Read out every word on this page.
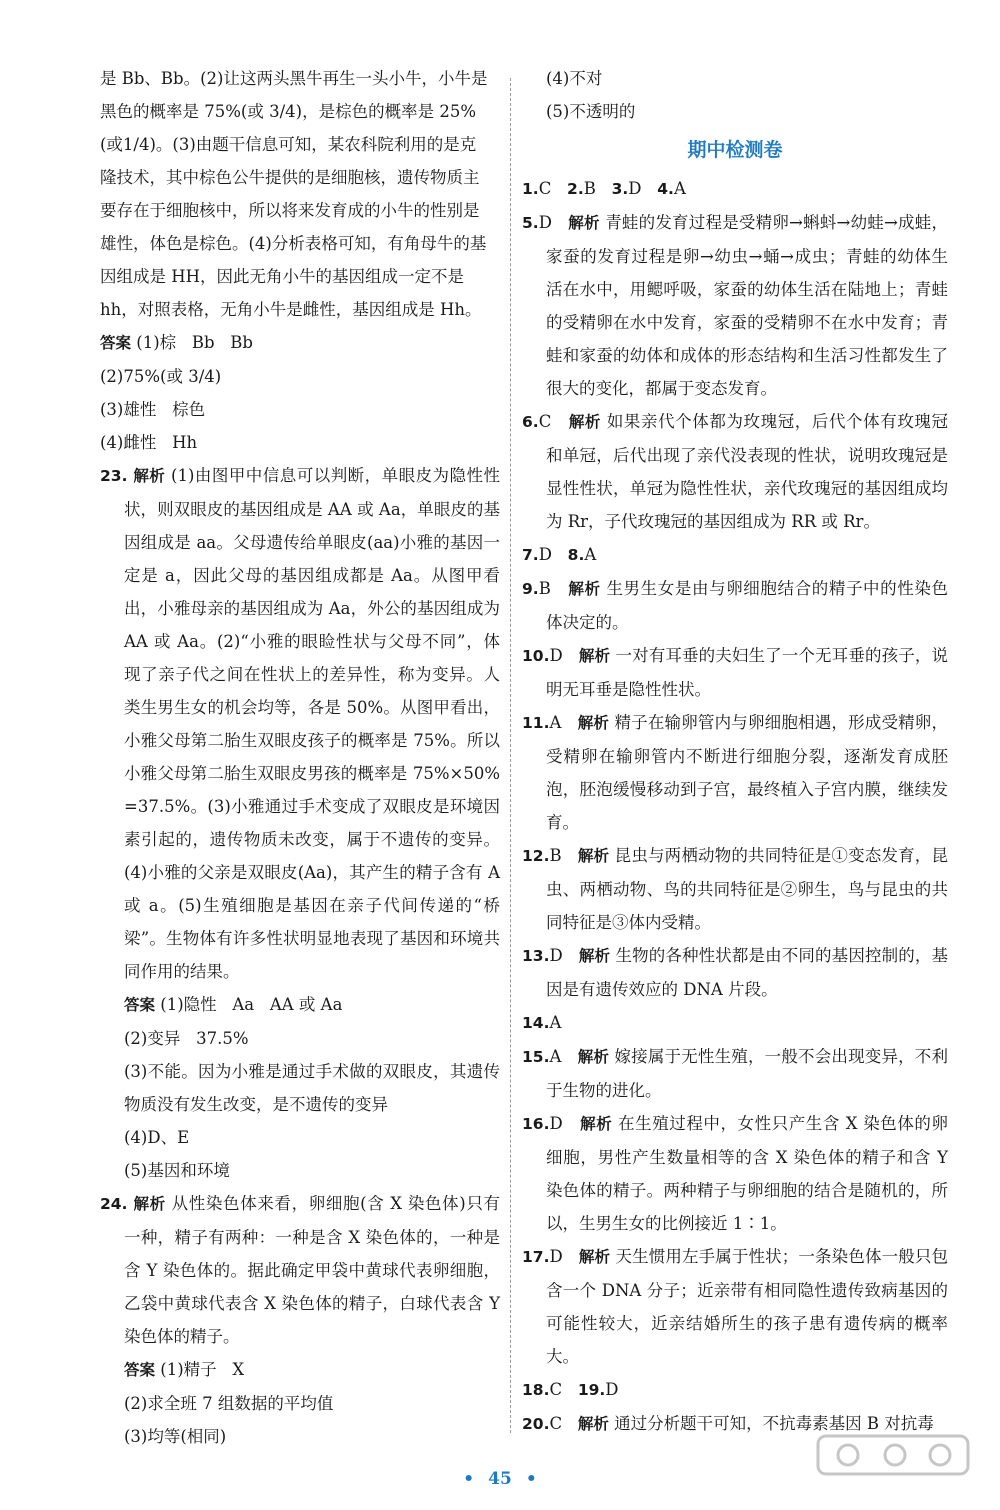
是 Bb、Bb。(2)让这两头黑牛再生一头小牛，小牛是

黑色的概率是 75%(或 3/4)，是棕色的概率是 25%

(或1/4)。(3)由题干信息可知，某农科院利用的是克

隆技术，其中棕色公牛提供的是细胞核，遗传物质主

要存在于细胞核中，所以将来发育成的小牛的性别是

雄性，体色是棕色。(4)分析表格可知，有角母牛的基

因组成是 HH，因此无角小牛的基因组成一定不是

hh，对照表格，无角小牛是雌性，基因组成是 Hh。

答案 (1)棕   Bb   Bb

(2)75%(或 3/4)

(3)雄性   棕色

(4)雌性   Hh

23. 解析 (1)由图甲中信息可以判断，单眼皮为隐性性状，则双眼皮的基因组成是 AA 或 Aa，单眼皮的基因组成是 aa。父母遗传给单眼皮(aa)小雅的基因一定是 a，因此父母的基因组成都是 Aa。从图甲看出，小雅母亲的基因组成为 Aa，外公的基因组成为 AA 或 Aa。(2)“小雅的眼睑性状与父母不同”，体现了亲子代之间在性状上的差异性，称为变异。人类生男生女的机会均等，各是 50%。从图甲看出，小雅父母第二胎生双眼皮孩子的概率是 75%。所以小雅父母第二胎生双眼皮男孩的概率是 75%×50%=37.5%。(3)小雅通过手术变成了双眼皮是环境因素引起的，遗传物质未改变，属于不遗传的变异。(4)小雅的父亲是双眼皮(Aa)，其产生的精子含有 A 或 a。(5)生殖细胞是基因在亲子代间传递的“桥梁”。生物体有许多性状明显地表现了基因和环境共同作用的结果。

答案 (1)隐性   Aa   AA 或 Aa

(2)变异   37.5%

(3)不能。因为小雅是通过手术做的双眼皮，其遗传物质没有发生改变，是不遗传的变异

(4)D、E

(5)基因和环境

24. 解析 从性染色体来看，卵细胞(含 X 染色体)只有一种，精子有两种：一种是含 X 染色体的，一种是含 Y 染色体的。据此确定甲袋中黄球代表卵细胞，乙袋中黄球代表含 X 染色体的精子，白球代表含 Y 染色体的精子。

答案 (1)精子   X

(2)求全班 7 组数据的平均值

(3)均等(相同)

(4)不对

(5)不透明的

期中检测卷

1.C   2.B   3.D   4.A

5.D   解析 青蛙的发育过程是受精卵→蝌蚪→幼蛙→成蛙，家蚕的发育过程是卵→幼虫→蛹→成虫；青蛙的幼体生活在水中，用鳃呼吸，家蚕的幼体生活在陆地上；青蛙的受精卵在水中发育，家蚕的受精卵不在水中发育；青蛙和家蚕的幼体和成体的形态结构和生活习性都发生了很大的变化，都属于变态发育。

6.C   解析 如果亲代个体都为玫瑰冠，后代个体有玫瑰冠和单冠，后代出现了亲代没表现的性状，说明玫瑰冠是显性性状，单冠为隐性性状，亲代玫瑰冠的基因组成均为 Rr，子代玫瑰冠的基因组成为 RR 或 Rr。

7.D   8.A

9.B   解析 生男生女是由与卵细胞结合的精子中的性染色体决定的。

10.D   解析 一对有耳垂的夫妇生了一个无耳垂的孩子，说明无耳垂是隐性性状。

11.A   解析 精子在输卵管内与卵细胞相遇，形成受精卵，受精卵在输卵管内不断进行细胞分裂，逐渐发育成胚泡，胚泡缓慢移动到子宫，最终植入子宫内膜，继续发育。

12.B   解析 昆虫与两栖动物的共同特征是①变态发育，昆虫、两栖动物、鸟的共同特征是②卵生，鸟与昆虫的共同特征是③体内受精。

13.D   解析 生物的各种性状都是由不同的基因控制的，基因是有遗传效应的 DNA 片段。

14.A

15.A   解析 嫁接属于无性生殖，一般不会出现变异，不利于生物的进化。

16.D   解析 在生殖过程中，女性只产生含 X 染色体的卵细胞，男性产生数量相等的含 X 染色体的精子和含 Y 染色体的精子。两种精子与卵细胞的结合是随机的，所以，生男生女的比例接近 1∶1。

17.D   解析 天生惯用左手属于性状；一条染色体一般只包含一个 DNA 分子；近亲带有相同隐性遗传致病基因的可能性较大，近亲结婚所生的孩子患有遗传病的概率大。

18.C   19.D

20.C   解析 通过分析题干可知，不抗毒素基因 B 对抗毒

• 45 •
